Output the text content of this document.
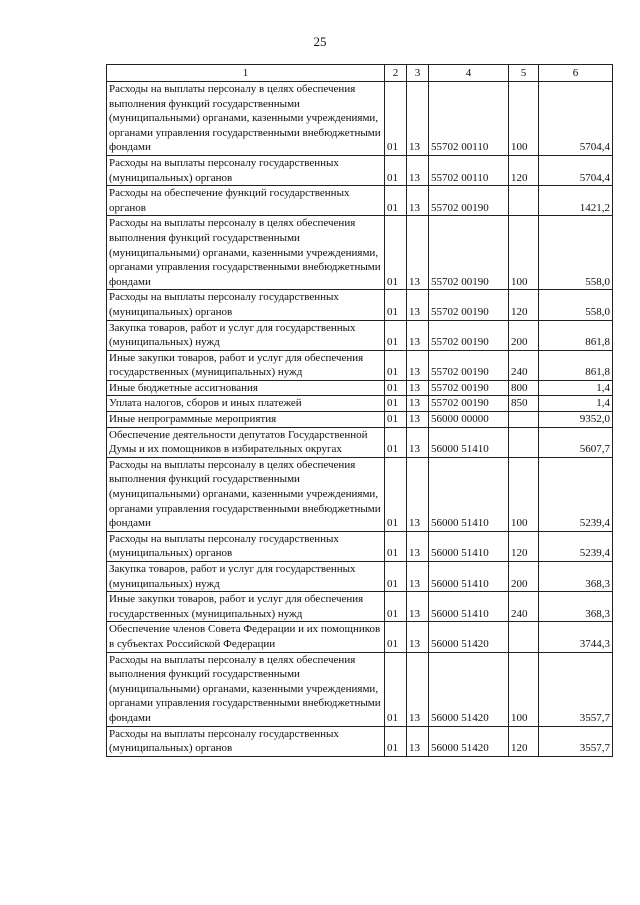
25
1	2	3	4	5	6
Расходы на выплаты персоналу в целях обеспечения выполнения функций государственными (муниципальными) органами, казенными учреждениями, органами управления государственными внебюджетными фондами	01	13	55702 00110	100	5704,4
Расходы на выплаты персоналу государственных (муниципальных) органов	01	13	55702 00110	120	5704,4
Расходы на обеспечение функций государственных органов	01	13	55702 00190		1421,2
Расходы на выплаты персоналу в целях обеспечения выполнения функций государственными (муниципальными) органами, казенными учреждениями, органами управления государственными внебюджетными фондами	01	13	55702 00190	100	558,0
Расходы на выплаты персоналу государственных (муниципальных) органов	01	13	55702 00190	120	558,0
Закупка товаров, работ и услуг для государственных (муниципальных) нужд	01	13	55702 00190	200	861,8
Иные закупки товаров, работ и услуг для обеспечения государственных (муниципальных) нужд	01	13	55702 00190	240	861,8
Иные бюджетные ассигнования	01	13	55702 00190	800	1,4
Уплата налогов, сборов и иных платежей	01	13	55702 00190	850	1,4
Иные непрограммные мероприятия	01	13	56000 00000		9352,0
Обеспечение деятельности депутатов Государственной Думы и их помощников в избирательных округах	01	13	56000 51410		5607,7
Расходы на выплаты персоналу в целях обеспечения выполнения функций государственными (муниципальными) органами, казенными учреждениями, органами управления государственными внебюджетными фондами	01	13	56000 51410	100	5239,4
Расходы на выплаты персоналу государственных (муниципальных) органов	01	13	56000 51410	120	5239,4
Закупка товаров, работ и услуг для государственных (муниципальных) нужд	01	13	56000 51410	200	368,3
Иные закупки товаров, работ и услуг для обеспечения государственных (муниципальных) нужд	01	13	56000 51410	240	368,3
Обеспечение членов Совета Федерации и их помощников в субъектах Российской Федерации	01	13	56000 51420		3744,3
Расходы на выплаты персоналу в целях обеспечения выполнения функций государственными (муниципальными) органами, казенными учреждениями, органами управления государственными внебюджетными фондами	01	13	56000 51420	100	3557,7
Расходы на выплаты персоналу государственных (муниципальных) органов	01	13	56000 51420	120	3557,7
